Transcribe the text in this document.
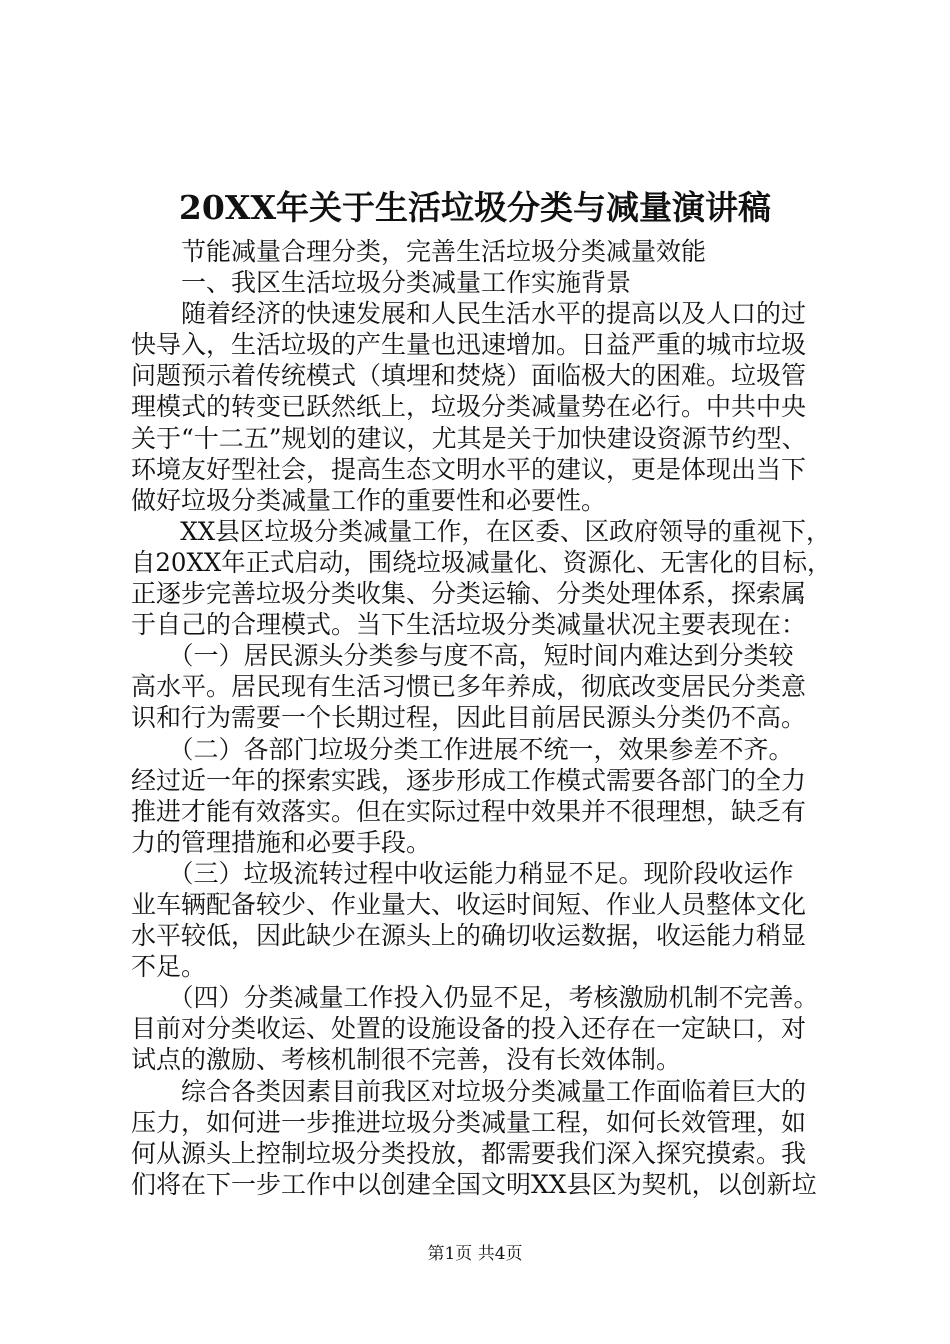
20XX年关于生活垃圾分类与减量演讲稿
　　节能减量合理分类，完善生活垃圾分类减量效能
　　一、我区生活垃圾分类减量工作实施背景
　　随着经济的快速发展和人民生活水平的提高以及人口的过
快导入，生活垃圾的产生量也迅速增加。日益严重的城市垃圾
问题预示着传统模式（填埋和焚烧）面临极大的困难。垃圾管
理模式的转变已跃然纸上，垃圾分类减量势在必行。中共中央
关于“十二五”规划的建议，尤其是关于加快建设资源节约型、
环境友好型社会，提高生态文明水平的建议，更是体现出当下
做好垃圾分类减量工作的重要性和必要性。
　　XX县区垃圾分类减量工作，在区委、区政府领导的重视下，
自20XX年正式启动，围绕垃圾减量化、资源化、无害化的目标，
正逐步完善垃圾分类收集、分类运输、分类处理体系，探索属
于自己的合理模式。当下生活垃圾分类减量状况主要表现在：
　　（一）居民源头分类参与度不高，短时间内难达到分类较
高水平。居民现有生活习惯已多年养成，彻底改变居民分类意
识和行为需要一个长期过程，因此目前居民源头分类仍不高。
　　（二）各部门垃圾分类工作进展不统一，效果参差不齐。
经过近一年的探索实践，逐步形成工作模式需要各部门的全力
推进才能有效落实。但在实际过程中效果并不很理想，缺乏有
力的管理措施和必要手段。
　　（三）垃圾流转过程中收运能力稍显不足。现阶段收运作
业车辆配备较少、作业量大、收运时间短、作业人员整体文化
水平较低，因此缺少在源头上的确切收运数据，收运能力稍显
不足。
　　（四）分类减量工作投入仍显不足，考核激励机制不完善。
目前对分类收运、处置的设施设备的投入还存在一定缺口，对
试点的激励、考核机制很不完善，没有长效体制。
　　综合各类因素目前我区对垃圾分类减量工作面临着巨大的
压力，如何进一步推进垃圾分类减量工程，如何长效管理，如
何从源头上控制垃圾分类投放，都需要我们深入探究摸索。我
们将在下一步工作中以创建全国文明XX县区为契机，以创新垃
第1页 共4页
